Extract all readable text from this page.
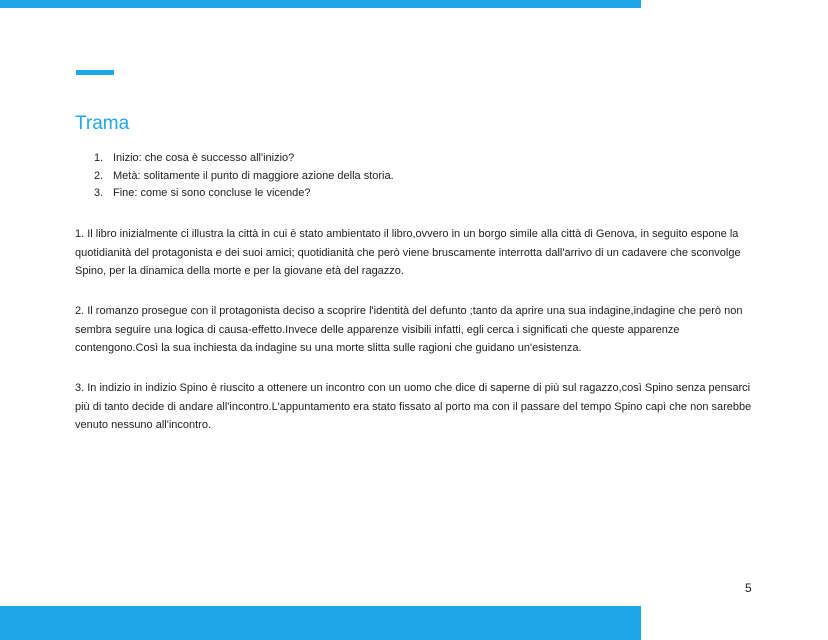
Trama
1. Inizio: che cosa è successo all'inizio?
2. Metà: solitamente il punto di maggiore azione della storia.
3. Fine: come si sono concluse le vicende?

1. Il libro inizialmente ci illustra la città in cui è stato ambientato il libro,ovvero in un borgo simile alla città di Genova, in seguito espone la quotidianità del protagonista e dei suoi amici; quotidianità che però viene bruscamente interrotta dall'arrivo di un cadavere che sconvolge Spino, per la dinamica della morte e per la giovane età del ragazzo.

2. Il romanzo prosegue con il protagonista deciso a scoprire l'identità del defunto ;tanto da aprire una sua indagine,indagine che però non sembra seguire una logica di causa-effetto.Invece delle apparenze visibili infatti, egli cerca i significati che queste apparenze contengono.Così la sua inchiesta da indagine su una morte slitta sulle ragioni che guidano un'esistenza.

3. In indizio in indizio Spino è riuscito a ottenere un incontro con un uomo che dice di saperne di più sul ragazzo,così Spino senza pensarci più di tanto decide di andare all'incontro.L'appuntamento era stato fissato al porto ma con il passare del tempo Spino capì che non sarebbe venuto nessuno all'incontro.

5
